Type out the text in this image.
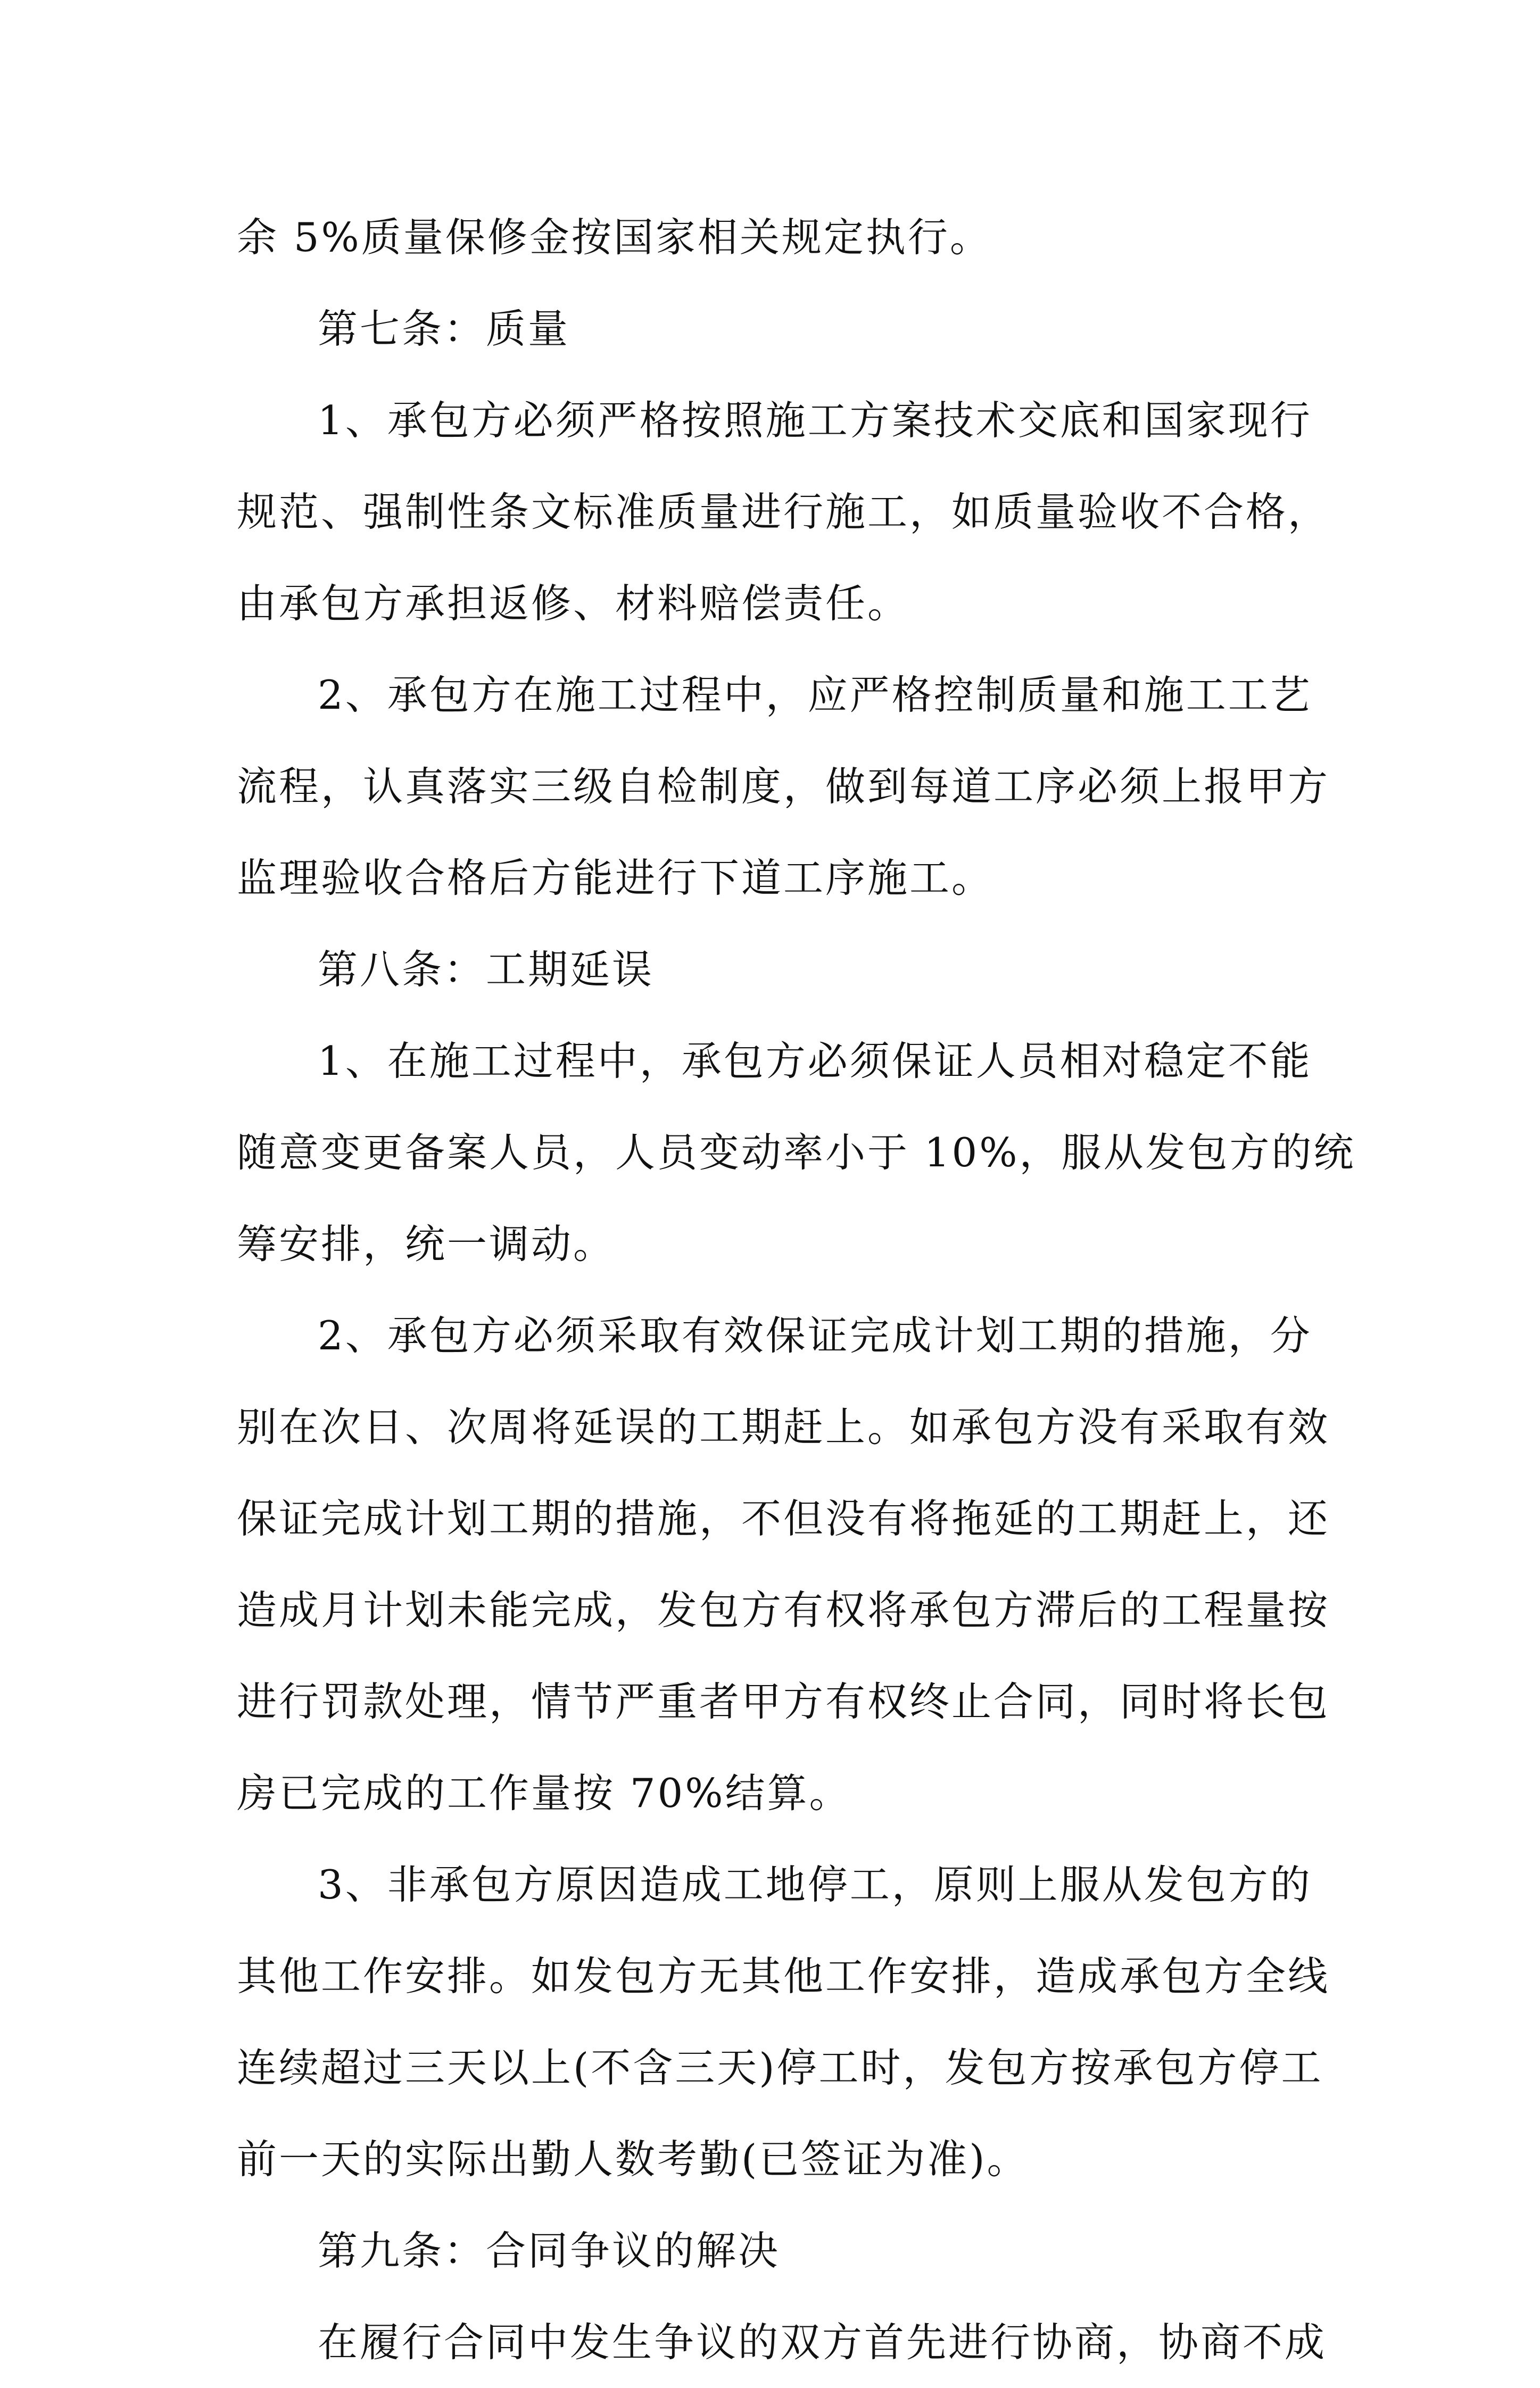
余 5%质量保修金按国家相关规定执行。
第七条：质量
1、承包方必须严格按照施工方案技术交底和国家现行
规范、强制性条文标准质量进行施工，如质量验收不合格，
由承包方承担返修、材料赔偿责任。
2、承包方在施工过程中，应严格控制质量和施工工艺
流程，认真落实三级自检制度，做到每道工序必须上报甲方
监理验收合格后方能进行下道工序施工。
第八条：工期延误
1、在施工过程中，承包方必须保证人员相对稳定不能
随意变更备案人员，人员变动率小于 10%，服从发包方的统
筹安排，统一调动。
2、承包方必须采取有效保证完成计划工期的措施，分
别在次日、次周将延误的工期赶上。如承包方没有采取有效
保证完成计划工期的措施，不但没有将拖延的工期赶上，还
造成月计划未能完成，发包方有权将承包方滞后的工程量按
进行罚款处理，情节严重者甲方有权终止合同，同时将长包
房已完成的工作量按 70%结算。
3、非承包方原因造成工地停工，原则上服从发包方的
其他工作安排。如发包方无其他工作安排，造成承包方全线
连续超过三天以上(不含三天)停工时，发包方按承包方停工
前一天的实际出勤人数考勤(已签证为准)。
第九条：合同争议的解决
在履行合同中发生争议的双方首先进行协商，协商不成
